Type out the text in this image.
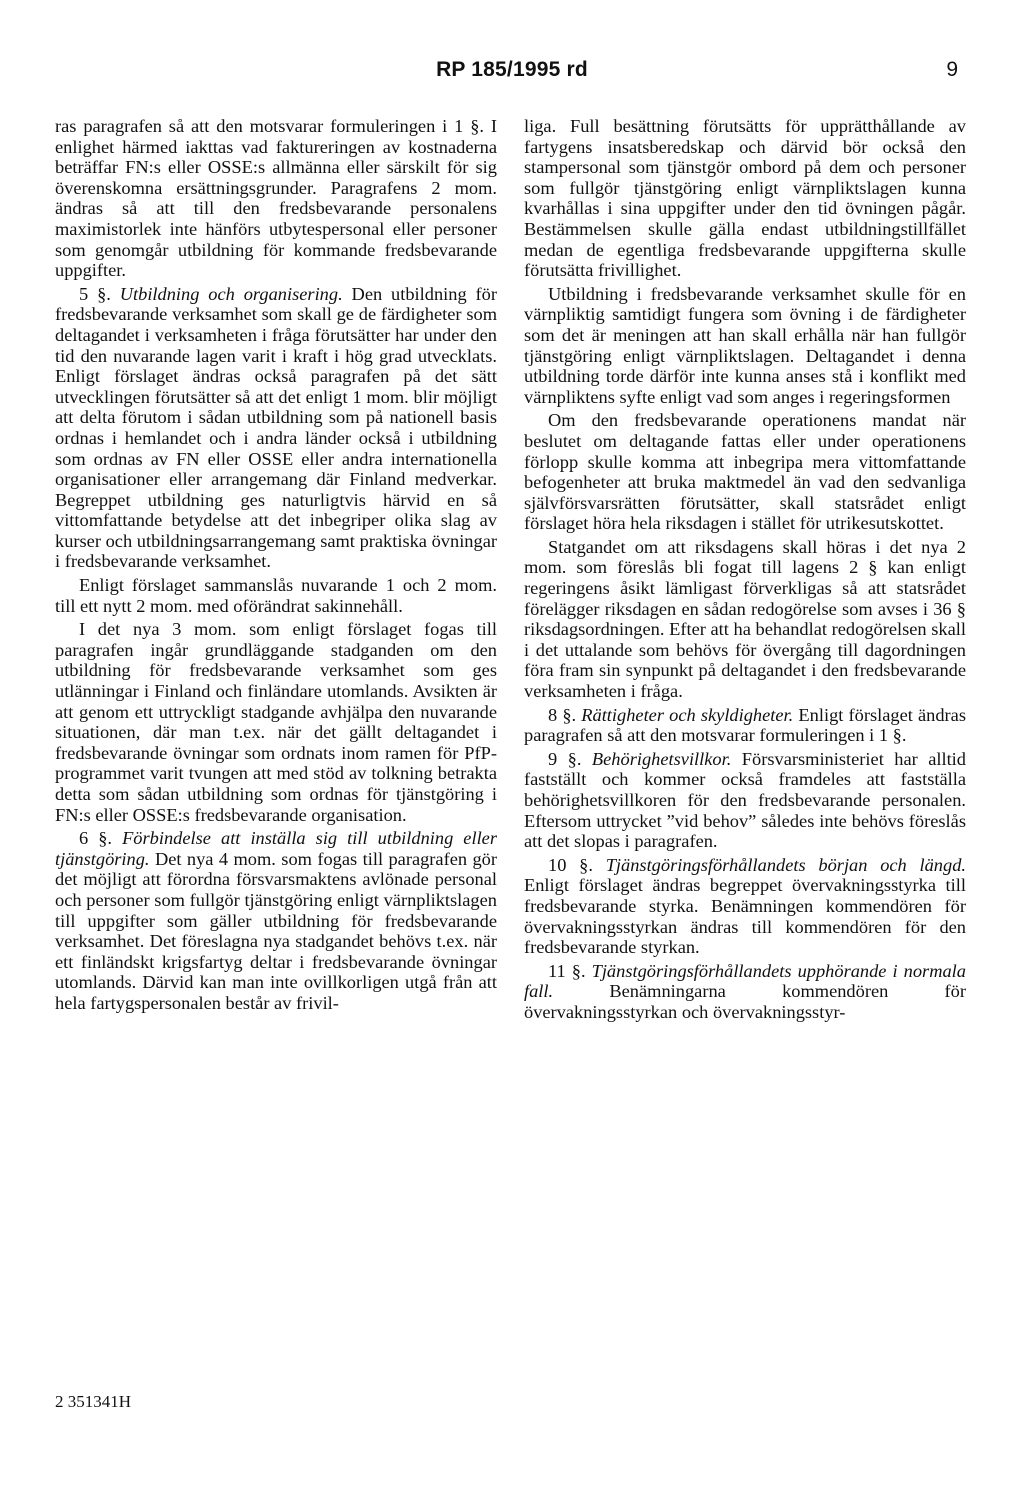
RP 185/1995 rd	9

ras paragrafen så att den motsvarar formuleringen i 1 §. I enlighet härmed iakttas vad faktureringen av kostnaderna beträffar FN:s eller OSSE:s allmänna eller särskilt för sig överenskomna ersättningsgrunder. Paragrafens 2 mom. ändras så att till den fredsbevarande personalens maximistorlek inte hänförs utbytespersonal eller personer som genomgår utbildning för kommande fredsbevarande uppgifter.

5 §. Utbildning och organisering. Den utbildning för fredsbevarande verksamhet som skall ge de färdigheter som deltagandet i verksamheten i fråga förutsätter har under den tid den nuvarande lagen varit i kraft i hög grad utvecklats. Enligt förslaget ändras också paragrafen på det sätt utvecklingen förutsätter så att det enligt 1 mom. blir möjligt att delta förutom i sådan utbildning som på nationell basis ordnas i hemlandet och i andra länder också i utbildning som ordnas av FN eller OSSE eller andra internationella organisationer eller arrangemang där Finland medverkar. Begreppet utbildning ges naturligtvis härvid en så vittomfattande betydelse att det inbegriper olika slag av kurser och utbildningsarrangemang samt praktiska övningar i fredsbevarande verksamhet.

Enligt förslaget sammanslås nuvarande 1 och 2 mom. till ett nytt 2 mom. med oförändrat sakinnehåll.

I det nya 3 mom. som enligt förslaget fogas till paragrafen ingår grundläggande stadganden om den utbildning för fredsbevarande verksamhet som ges utlänningar i Finland och finländare utomlands. Avsikten är att genom ett uttryckligt stadgande avhjälpa den nuvarande situationen, där man t.ex. när det gällt deltagandet i fredsbevarande övningar som ordnats inom ramen för PfP-programmet varit tvungen att med stöd av tolkning betrakta detta som sådan utbildning som ordnas för tjänstgöring i FN:s eller OSSE:s fredsbevarande organisation.

6 §. Förbindelse att inställa sig till utbildning eller tjänstgöring. Det nya 4 mom. som fogas till paragrafen gör det möjligt att förordna försvarsmaktens avlönade personal och personer som fullgör tjänstgöring enligt värnpliktslagen till uppgifter som gäller utbildning för fredsbevarande verksamhet. Det föreslagna nya stadgandet behövs t.ex. när ett finländskt krigsfartyg deltar i fredsbevarande övningar utomlands. Därvid kan man inte ovillkorligen utgå från att hela fartygspersonalen består av frivil-

liga. Full besättning förutsätts för upprätthållande av fartygens insatsberedskap och därvid bör också den stampersonal som tjänstgör ombord på dem och personer som fullgör tjänstgöring enligt värnpliktslagen kunna kvarhållas i sina uppgifter under den tid övningen pågår. Bestämmelsen skulle gälla endast utbildningstillfället medan de egentliga fredsbevarande uppgifterna skulle förutsätta frivillighet.

Utbildning i fredsbevarande verksamhet skulle för en värnpliktig samtidigt fungera som övning i de färdigheter som det är meningen att han skall erhålla när han fullgör tjänstgöring enligt värnpliktslagen. Deltagandet i denna utbildning torde därför inte kunna anses stå i konflikt med värnpliktens syfte enligt vad som anges i regeringsformen

Om den fredsbevarande operationens mandat när beslutet om deltagande fattas eller under operationens förlopp skulle komma att inbegripa mera vittomfattande befogenheter att bruka maktmedel än vad den sedvanliga självförsvarsrätten förutsätter, skall statsrådet enligt förslaget höra hela riksdagen i stället för utrikesutskottet.

Statgandet om att riksdagens skall höras i det nya 2 mom. som föreslås bli fogat till lagens 2 § kan enligt regeringens åsikt lämligast förverkligas så att statsrådet förelägger riksdagen en sådan redogörelse som avses i 36 § riksdagsordningen. Efter att ha behandlat redogörelsen skall i det uttalande som behövs för övergång till dagordningen föra fram sin synpunkt på deltagandet i den fredsbevarande verksamheten i fråga.

8 §. Rättigheter och skyldigheter. Enligt förslaget ändras paragrafen så att den motsvarar formuleringen i 1 §.

9 §. Behörighetsvillkor. Försvarsministeriet har alltid fastställt och kommer också framdeles att fastställa behörighetsvillkoren för den fredsbevarande personalen. Eftersom uttrycket ”vid behov” således inte behövs föreslås att det slopas i paragrafen.

10 §. Tjänstgöringsförhållandets början och längd. Enligt förslaget ändras begreppet övervakningsstyrka till fredsbevarande styrka. Benämningen kommendören för övervakningsstyrkan ändras till kommendören för den fredsbevarande styrkan.

11 §. Tjänstgöringsförhållandets upphörande i normala fall. Benämningarna kommendören för övervakningsstyrkan och övervakningsstyr-

2 351341H
